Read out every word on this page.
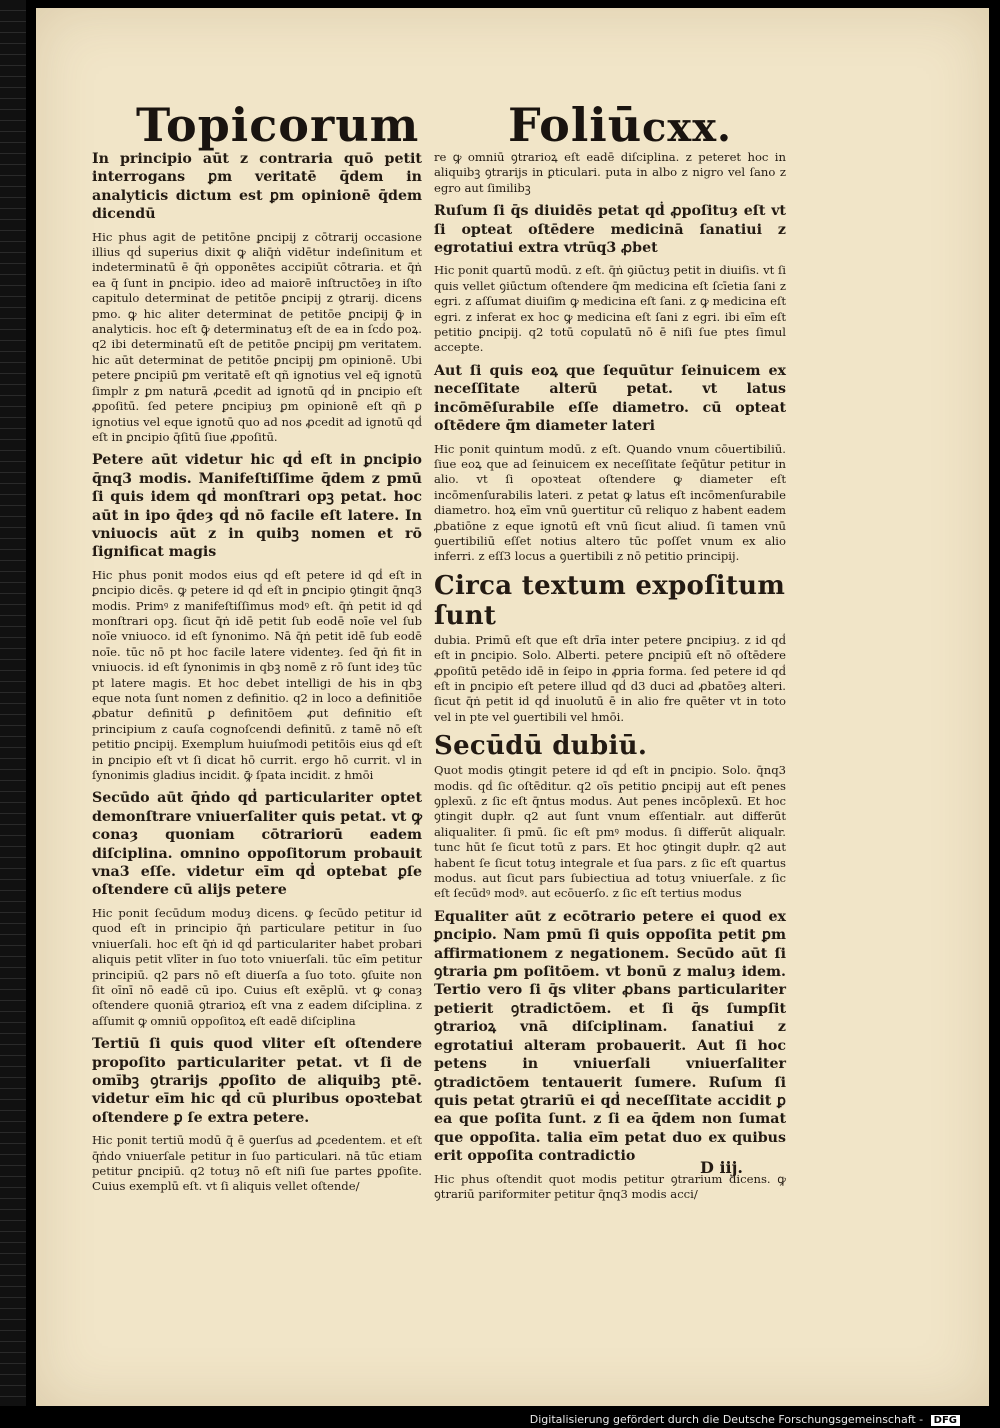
Topicorum Foliū cxx.
In principio aūt z contraria quō petit interrogans ꝑm veritatē q̄dem in analyticis dictum est ꝑm opinionē q̄dem dicendū
Hic phus agit de petitōne ꝑncipij z cōtrarij occasione illius qḋ superius dixit ꝙ aliq̄ṅ vidētur indeſinitum et indeterminatū ē q̄ṅ opponētes accipiūt cōtraria. et q̄ṅ ea q̄ ſunt in ꝑncipio. ideo ad maiorē inſtructōeȝ in iſto capitulo determinat de petitōe ꝑncipij z ꝯtrarij. dicens pmo. ꝙ hic aliter determinat de petitōe ꝑncipij ꝙ̄ in analyticis. hoc eſt ꝙ̄ determinatuȝ eſt de ea in ſcḋo poꝝ. q2 ibi determinatū eſt de petitōe ꝑncipij ꝑm veritatem. hic aūt determinat de petitōe ꝑncipij ꝑm opinionē. Ubi petere ꝑncipiū ꝑm veritatē eſt qñ ignotius vel eq̄ ignotū ſimplr z ꝑm naturā ꝓcedit ad ignotū qḋ in ꝑncipio eſt ꝓpoſitū. ſed petere ꝑncipiuȝ ꝑm opinionē eſt qñ ꝑ ignotius vel eque ignotū quo ad nos ꝓcedit ad ignotū qḋ eſt in ꝑncipio q̄ſitū ſiue ꝓpoſitū.
Petere aūt videtur hic qḋ eſt in ꝑncipio q̄nq3 modis. Manifeſtiſſime q̄dem z pmū ſi quis idem qḋ monſtrari opꝫ petat. hoc aūt in ipo q̄deȝ qḋ nō facile eſt latere. In vniuocis aūt z in quibꝫ nomen et rō ſignificat magis
Hic phus ponit modos eius qḋ eſt petere id qḋ eſt in ꝑncipio dicēs. ꝙ petere id qḋ eſt in ꝑncipio ꝯtingit q̄nq3 modis. Primꝰ z manifeſtiſſimus modꝰ eſt. q̄ṅ petit id qḋ monſtrari opꝫ. ſicut q̄ṅ idē petit ſub eodē noīe vel ſub noīe vniuoco. id eſt ſynonimo. Nā q̄ṅ petit idē ſub eodē noīe. tūc nō pt hoc facile latere videnteȝ. ſed q̄ṅ fit in vniuocis. id eſt ſynonimis in qbꝫ nomē z rō ſunt ideȝ tūc pt latere magis. Et hoc debet intelligi de his in qbꝫ eque nota ſunt nomen z definitio. q2 in loco a definitiōe ꝓbatur definitū ꝑ definitōem ꝓut definitio eſt principium z cauſa cognoſcendi definitū. z tamē nō eſt petitio ꝑncipij. Exemplum huiuſmodi petitōis eius qḋ eſt in ꝑncipio eſt vt ſi dicat hō currit. ergo hō currit. vl in ſynonimis gladius incidit. ꝙ̄ ſpata incidit. z hmōi
Secūdo aūt q̄ṅdo qḋ particulariter optet demonſtrare vniuerſaliter quis petat. vt ꝙ conaȝ quoniam cōtrariorū eadem diſciplina. omnino oppoſitorum probauit vna3 eſſe. videtur eīm qḋ optebat ꝑſe oſtendere cū alijs petere
Hic ponit ſecūdum moduȝ dicens. ꝙ ſecūdo petitur id quod eſt in principio q̄ṅ particulare petitur in ſuo vniuerſali. hoc eſt q̄ṅ id qḋ particulariter habet probari aliquis petit vlīter in ſuo toto vniuerſali. tūc eīm petitur principiū. q2 pars nō eſt diuerſa a ſuo toto. ꝯſuite non ſit oīnī nō eadē cū ipo. Cuius eſt exēplū. vt ꝙ conaȝ oſtendere quoniā ꝯtrarioꝝ eſt vna z eadem diſciplina. z aſſumit ꝙ omniū oppoſitoꝝ eſt eadē diſciplina
Tertiū ſi quis quod vliter eſt oſtendere propoſito particulariter petat. vt ſi de omībꝫ ꝯtrarijs ꝓpoſito de aliquibꝫ ptē. videtur eīm hic qḋ cū pluribus opoꝛtebat oſtendere ꝑ ſe extra petere.
Hic ponit tertiū modū q̄ ē ꝯuerſus ad ꝓcedentem. et eſt q̄ṅdo vniuerſale petitur in ſuo particulari. nā tūc etiam petitur ꝑncipiū. q2 totuȝ nō eſt niſi ſue partes ꝑpoſite. Cuius exemplū eſt. vt ſi aliquis vellet oſtende/
re ꝙ omniū ꝯtrarioꝝ eſt eadē diſciplina. z peteret hoc in aliquibꝫ ꝯtrarijs in ꝑticulari. puta in albo z nigro vel ſano z egro aut ſimilibꝫ
Ruſum ſi q̄s diuidēs petat qḋ ꝓpoſituȝ eſt vt ſi opteat oſtēdere medicinā ſanatiui z egrotatiui extra vtrūq3 ꝓbet
Hic ponit quartū modū. z eſt. q̄ṅ ꝯiūctuȝ petit in diuiſis. vt ſi quis vellet ꝯiūctum oſtendere q̄m medicina eſt ſcīetia ſani z egri. z aſſumat diuiſim ꝙ medicina eſt ſani. z ꝙ medicina eſt egri. z inferat ex hoc ꝙ medicina eſt ſani z egri. ibi eīm eſt petitio ꝑncipij. q2 totū copulatū nō ē niſi ſue ptes ſimul accepte.
Aut ſi quis eoꝝ que ſequūtur ſeinuicem ex neceſſitate alterū petat. vt latus incōmēſurabile eſſe diametro. cū opteat oſtēdere q̄m diameter lateri
Hic ponit quintum modū. z eſt. Quando vnum cōuertibiliū. ſiue eoꝝ que ad ſeinuicem ex neceſſitate ſeq̄ūtur petitur in alio. vt ſi opoꝛteat oſtendere ꝙ diameter eſt incōmenſurabilis lateri. z petat ꝙ latus eſt incōmenſurabile diametro. hoꝝ eīm vnū ꝯuertitur cū reliquo z habent eadem ꝓbatiōne z eque ignotū eſt vnū ſicut aliud. ſi tamen vnū ꝯuertibiliū eſſet notius altero tūc poſſet vnum ex alio inferri. z eſſ3 locus a ꝯuertibili z nō petitio principij.
Circa textum expoſitum ſunt
dubia. Primū eſt que eſt drīa inter petere ꝑncipiuȝ. z id qḋ eſt in ꝑncipio. Solo. Alberti. petere ꝑncipiū eſt nō oſtēdere ꝓpoſitū petēdo idē in ſeipo in ꝓpria forma. ſed petere id qḋ eſt in ꝑncipio eſt petere illud qḋ d3 duci ad ꝓbatōeȝ alteri. ſicut q̄ṅ petit id qḋ inuolutū ē in alio fre quēter vt in toto vel in pte vel ꝯuertibili vel hmōi.
Secūdū dubiū.
Quot modis ꝯtingit petere id qḋ eſt in ꝑncipio. Solo. q̄nq3 modis. qḋ ſic oſtēditur. q2 oīs petitio ꝑncipij aut eſt penes ꝯplexū. z ſic eſt q̄ntus modus. Aut penes incōplexū. Et hoc ꝯtingit dupłr. q2 aut ſunt vnum eſſentialr. aut differūt aliqualiter. ſi pmū. ſic eſt pmꝰ modus. ſi differūt aliqualr. tunc hūt ſe ſicut totū z pars. Et hoc ꝯtingit dupłr. q2 aut habent ſe ſicut totuȝ integrale et ſua pars. z ſic eſt quartus modus. aut ſicut pars ſubiectiua ad totuȝ vniuerſale. z ſic eſt ſecūdꝰ modꝰ. aut ecōuerſo. z ſic eſt tertius modus
Equaliter aūt z ecōtrario petere ei quod ex ꝑncipio. Nam pmū ſi quis oppoſita petit ꝑm affirmationem z negationem. Secūdo aūt ſi ꝯtraria ꝑm poſitōem. vt bonū z maluȝ idem. Tertio vero ſi q̄s vliter ꝓbans particulariter petierit ꝯtradictōem. et ſi q̄s ſumpſit ꝯtrarioꝝ vnā diſciplinam. ſanatiui z egrotatiui alteram probauerit. Aut ſi hoc petens in vniuerſali vniuerſaliter ꝯtradictōem tentauerit ſumere. Ruſum ſi quis petat ꝯtrariū ei qḋ neceſſitate accidit ꝑ ea que poſita ſunt. z ſi ea q̄dem non ſumat que oppoſita. talia eīm petat duo ex quibus erit oppoſita contradictio
Hic phus oſtendit quot modis petitur ꝯtrarium dicens. ꝙ ꝯtrariū pariformiter petitur q̄nq3 modis acci/
D iij.
Digitalisierung gefördert durch die Deutsche Forschungsgemeinschaft - DFG
